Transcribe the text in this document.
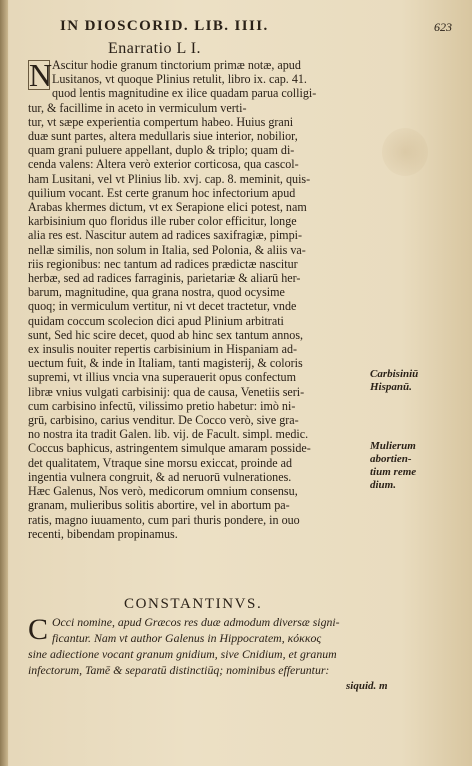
IN DIOSCORID. LIB. IIII.	623
Enarratio L I.
N Ascitur hodie granum tinctorium primæ notæ, apud
Lusitanos, vt quoque Plinius retulit, libro ix. cap. 41.
quod lentis magnitudine ex ilice quadam parua colligi-
tur, & facillime in aceto in vermiculum verti-
tur, vt sæpe experientia compertum habeo. Huius grani
duæ sunt partes, altera medullaris siue interior, nobilior,
quam grani puluere appellant, duplo & triplo; quam di-
cenda valens: Altera verò exterior corticosa, qua cascol-
ham Lusitani, vel vt Plinius lib. xvj. cap. 8. meminit, quis-
quilium vocant. Est certe granum hoc infectorium apud
Arabas khermes dictum, vt ex Serapione elici potest, nam
karbisinium quo floridus ille ruber color efficitur, longe
alia res est. Nascitur autem ad radices saxifragiæ, pimpi-
nellæ similis, non solum in Italia, sed Polonia, & aliis va-
riis regionibus: nec tantum ad radices prædictæ nascitur
herbæ, sed ad radices farraginis, parietariæ & aliarū her-
barum, magnitudine, qua grana nostra, quod ocysime
quoq; in vermiculum vertitur, ni vt decet tractetur, vnde
quidam coccum scolecion dici apud Plinium arbitrati
sunt, Sed hic scire decet, quod ab hinc sex tantum annos,
ex insulis nouiter repertis carbisinium in Hispaniam ad-
uectum fuit, & inde in Italiam, tanti magisterij, & coloris
supremi, vt illius vncia vna superauerit opus confectum
libræ vnius vulgati carbisinij: qua de causa, Venetiis seri-
cum carbisino infectū, vilissimo pretio habetur: imò ni-
grū, carbisino, carius venditur. De Cocco verò, sive gra-
no nostra ita tradit Galen. lib. vij. de Facult. simpl. medic.
Coccus baphicus, astringentem simulque amaram posside-
det qualitatem, Vtraque sine morsu exiccat, proinde ad
ingentia vulnera congruit, & ad neruorū vulnerationes.
Hæc Galenus, Nos verò, medicorum omnium consensu,
granam, mulieribus solitis abortire, vel in abortum pa-
ratis, magno iuuamento, cum pari thuris pondere, in ouo
recenti, bibendam propinamus.
Carbisiniū
Hispanū.
Mulierum
abortien-
tium reme
dium.
CONSTANTINVS.
C Occi nomine, apud Græcos res duæ admodum diversæ signi-
ficantur. Nam vt author Galenus in Hippocratem, κόκκος
sine adiectione vocant granum gnidium, sive Cnidium, et granum
infectorum, Tamē & separatū distinctiūq; nominibus efferuntur:
siquid. m
